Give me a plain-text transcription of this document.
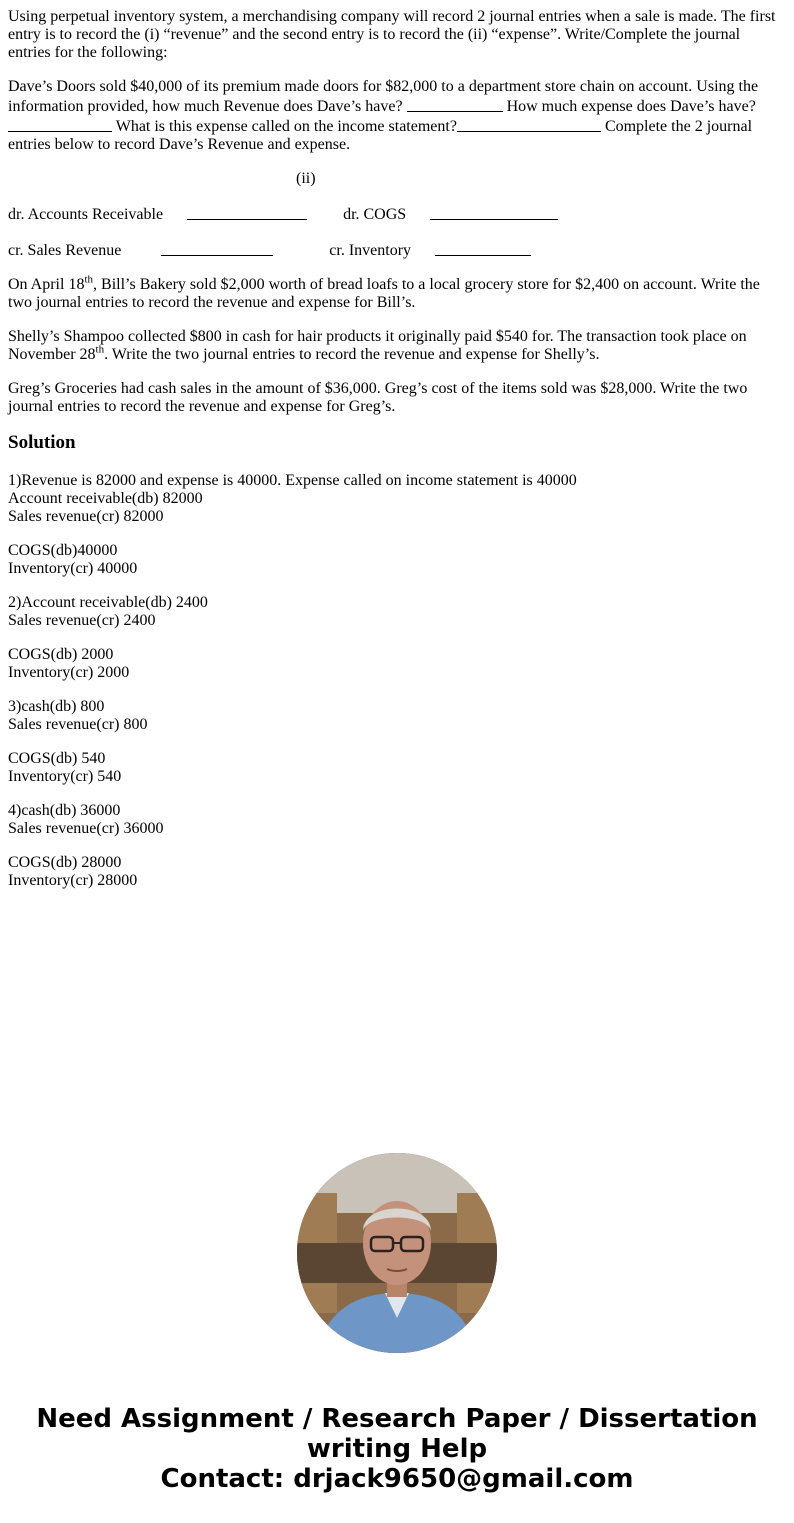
Using perpetual inventory system, a merchandising company will record 2 journal entries when a sale is made. The first entry is to record the (i) “revenue” and the second entry is to record the (ii) “expense”. Write/Complete the journal entries for the following:

Dave’s Doors sold $40,000 of its premium made doors for $82,000 to a department store chain on account. Using the information provided, how much Revenue does Dave’s have?	How much expense does Dave’s have?  What is this expense called on the income statement?	Complete the 2 journal entries below to record Dave’s Revenue and expense.

(ii)

dr. Accounts Receivable	dr. COGS
cr. Sales Revenue	cr. Inventory

On April 18th, Bill’s Bakery sold $2,000 worth of bread loafs to a local grocery store for $2,400 on account. Write the two journal entries to record the revenue and expense for Bill’s.

Shelly’s Shampoo collected $800 in cash for hair products it originally paid $540 for. The transaction took place on November 28th. Write the two journal entries to record the revenue and expense for Shelly’s.

Greg’s Groceries had cash sales in the amount of $36,000. Greg’s cost of the items sold was $28,000. Write the two journal entries to record the revenue and expense for Greg’s.

Solution

1)Revenue is 82000 and expense is 40000. Expense called on income statement is 40000
Account receivable(db) 82000
Sales revenue(cr) 82000

COGS(db)40000
Inventory(cr) 40000

2)Account receivable(db) 2400
Sales revenue(cr) 2400

COGS(db) 2000
Inventory(cr) 2000

3)cash(db) 800
Sales revenue(cr) 800

COGS(db) 540
Inventory(cr) 540

4)cash(db) 36000
Sales revenue(cr) 36000

COGS(db) 28000
Inventory(cr) 28000

Need Assignment / Research Paper / Dissertation writing Help
Contact: drjack9650@gmail.com
